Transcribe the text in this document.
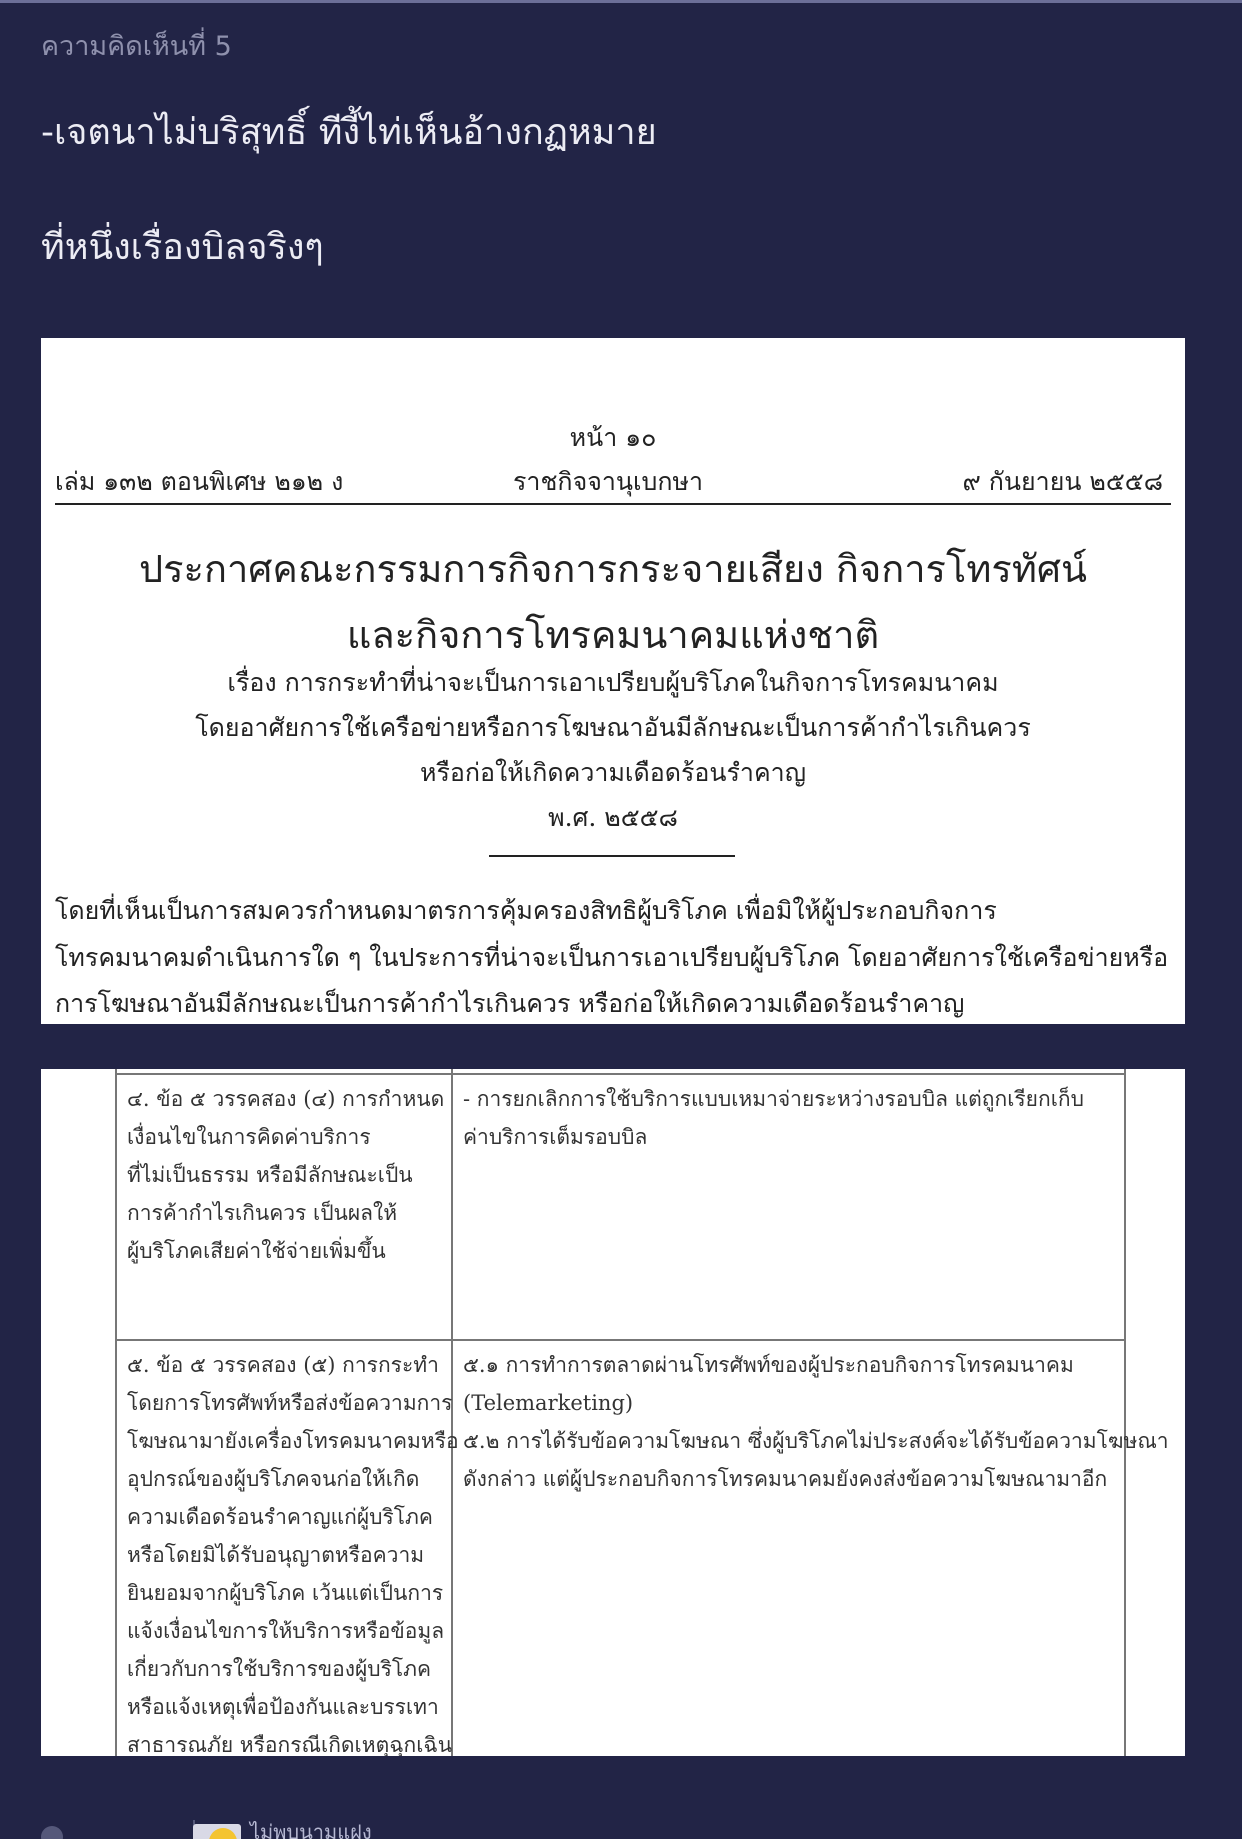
ความคิดเห็นที่ 5
-เจตนาไม่บริสุทธิ์ ทีงี้ไท่เห็นอ้างกฏหมาย
ที่หนึ่งเรื่องบิลจริงๆ
หน้า ๑๐
เล่ม ๑๓๒ ตอนพิเศษ ๒๑๒ ง	ราชกิจจานุเบกษา	๙ กันยายน ๒๕๕๘
ประกาศคณะกรรมการกิจการกระจายเสียง กิจการโทรทัศน์
และกิจการโทรคมนาคมแห่งชาติ
เรื่อง การกระทำที่น่าจะเป็นการเอาเปรียบผู้บริโภคในกิจการโทรคมนาคม
โดยอาศัยการใช้เครือข่ายหรือการโฆษณาอันมีลักษณะเป็นการค้ากำไรเกินควร
หรือก่อให้เกิดความเดือดร้อนรำคาญ
พ.ศ. ๒๕๕๘
โดยที่เห็นเป็นการสมควรกำหนดมาตรการคุ้มครองสิทธิผู้บริโภค เพื่อมิให้ผู้ประกอบกิจการ
โทรคมนาคมดำเนินการใด ๆ ในประการที่น่าจะเป็นการเอาเปรียบผู้บริโภค โดยอาศัยการใช้เครือข่ายหรือ
การโฆษณาอันมีลักษณะเป็นการค้ากำไรเกินควร หรือก่อให้เกิดความเดือดร้อนรำคาญ
๔. ข้อ ๕ วรรคสอง (๔) การกำหนด
เงื่อนไขในการคิดค่าบริการ
ที่ไม่เป็นธรรม หรือมีลักษณะเป็น
การค้ากำไรเกินควร เป็นผลให้
ผู้บริโภคเสียค่าใช้จ่ายเพิ่มขึ้น
- การยกเลิกการใช้บริการแบบเหมาจ่ายระหว่างรอบบิล แต่ถูกเรียกเก็บ
ค่าบริการเต็มรอบบิล
๕. ข้อ ๕ วรรคสอง (๕) การกระทำ
โดยการโทรศัพท์หรือส่งข้อความการ
โฆษณามายังเครื่องโทรคมนาคมหรือ
อุปกรณ์ของผู้บริโภคจนก่อให้เกิด
ความเดือดร้อนรำคาญแก่ผู้บริโภค
หรือโดยมิได้รับอนุญาตหรือความ
ยินยอมจากผู้บริโภค เว้นแต่เป็นการ
แจ้งเงื่อนไขการให้บริการหรือข้อมูล
เกี่ยวกับการใช้บริการของผู้บริโภค
หรือแจ้งเหตุเพื่อป้องกันและบรรเทา
สาธารณภัย หรือกรณีเกิดเหตุฉุกเฉิน
๕.๑ การทำการตลาดผ่านโทรศัพท์ของผู้ประกอบกิจการโทรคมนาคม
(Telemarketing)
๕.๒ การได้รับข้อความโฆษณา ซึ่งผู้บริโภคไม่ประสงค์จะได้รับข้อความโฆษณา
ดังกล่าว แต่ผู้ประกอบกิจการโทรคมนาคมยังคงส่งข้อความโฆษณามาอีก
ไม่พบนามแฝง
